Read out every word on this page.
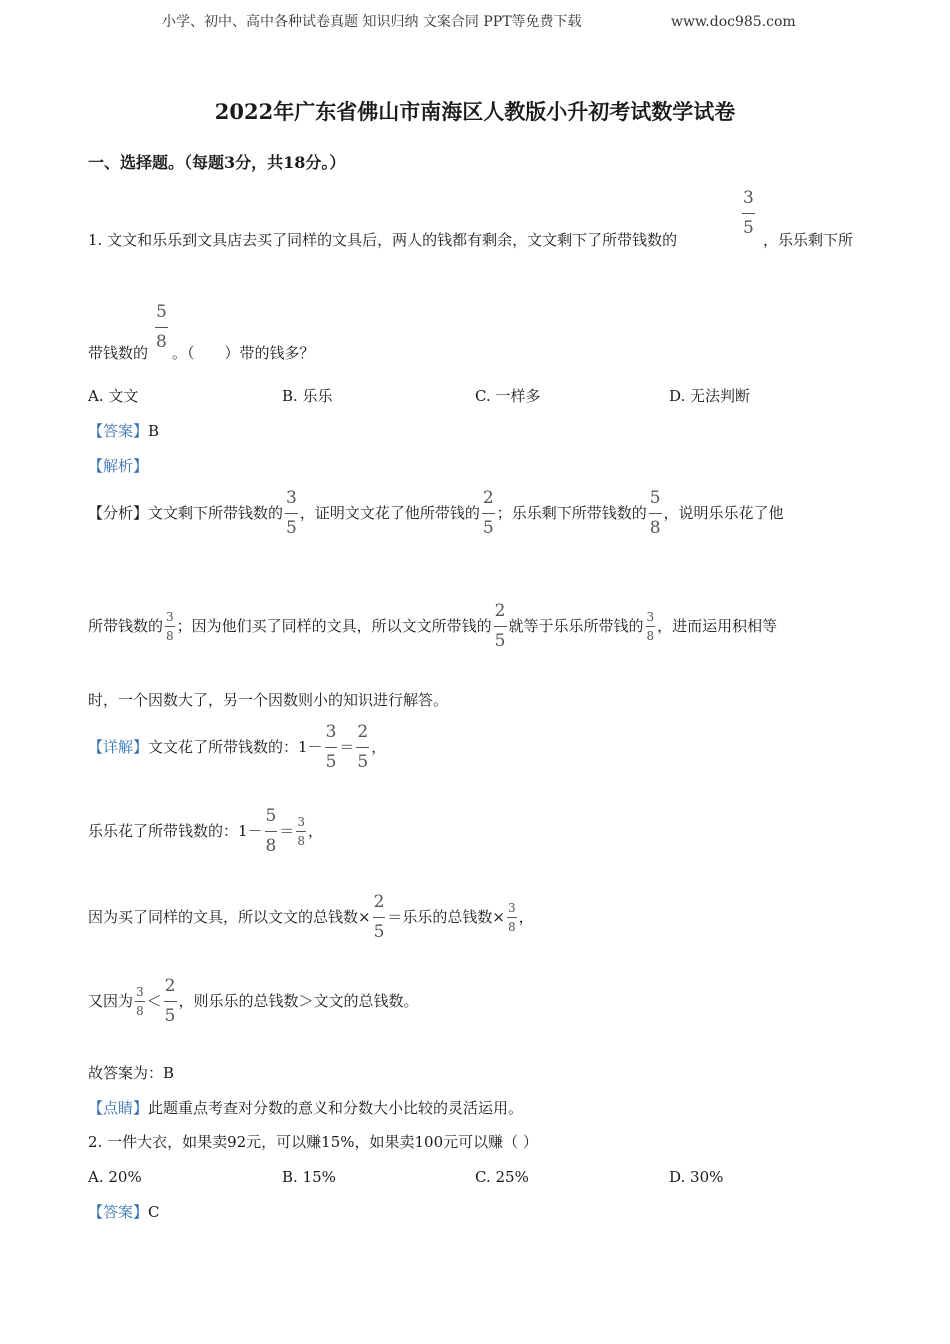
小学、初中、高中各种试卷真题 知识归纳 文案合同 PPT等免费下载	www.doc985.com
2022年广东省佛山市南海区人教版小升初考试数学试卷
一、选择题。（每题3分，共18分。）
1. 文文和乐乐到文具店去买了同样的文具后，两人的钱都有剩余，文文剩下了所带钱数的
$\frac{3}{5}$
，乐乐剩下所
带钱数的
$\frac{5}{8}$
。（　　）带的钱多？
A. 文文	B. 乐乐	C. 一样多	D. 无法判断
【答案】B
【解析】
【分析】 文文剩下所带钱数的 $\frac{3}{5}$ ，证明文文花了他所带钱的 $\frac{2}{5}$ ；乐乐剩下所带钱数的 $\frac{5}{8}$ ，说明乐乐花了他
所带钱数的 $\frac{3}{8}$ ；因为他们买了同样的文具，所以文文所带钱的 $\frac{2}{5}$ 就等于乐乐所带钱的 $\frac{3}{8}$ ，进而运用积相等
时，一个因数大了，另一个因数则小的知识进行解答。
【详解】 文文花了所带钱数的：$1- \frac{3}{5} = \frac{2}{5}$ ，
乐乐花了所带钱数的：$1- \frac{5}{8} = \frac{3}{8}$ ，
因为买了同样的文具，所以文文的总钱数× $\frac{2}{5}$ ＝乐乐的总钱数× $\frac{3}{8}$ ，
又因为 $\frac{3}{8} < \frac{2}{5}$ ，则乐乐的总钱数＞文文的总钱数。
故答案为：B
【点睛】此题重点考查对分数的意义和分数大小比较的灵活运用。
2. 一件大衣，如果卖92元，可以赚15%，如果卖100元可以赚（ ）
A. 20%	B. 15%	C. 25%	D. 30%
【答案】C
